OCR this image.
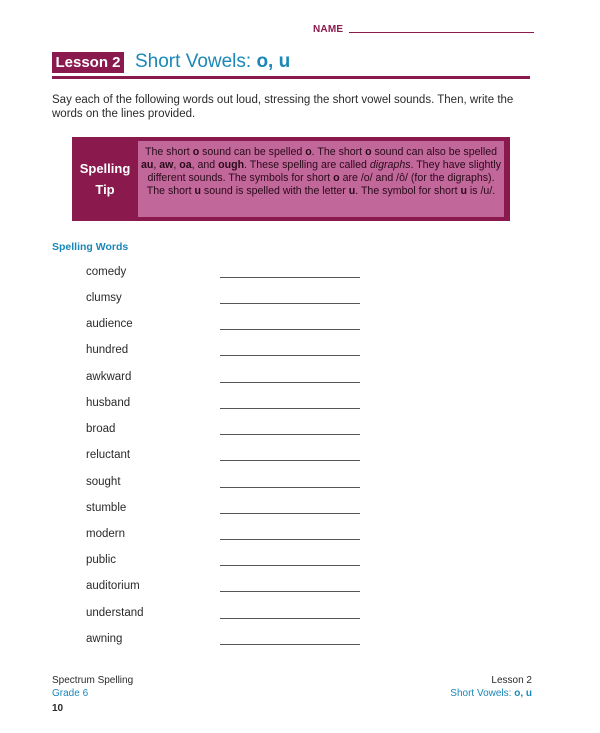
NAME
Lesson 2 Short Vowels: o, u
Say each of the following words out loud, stressing the short vowel sounds. Then, write the words on the lines provided.
Spelling
Tip
The short o sound can be spelled o. The short o sound can also be spelled au, aw, oa, and ough. These spelling are called digraphs. They have slightly different sounds. The symbols for short o are /o/ and /ô/ (for the digraphs). The short u sound is spelled with the letter u. The symbol for short u is /u/.
Spelling Words
comedy
clumsy
audience
hundred
awkward
husband
broad
reluctant
sought
stumble
modern
public
auditorium
understand
awning
Spectrum Spelling
Grade 6
10
Lesson 2
Short Vowels: o, u
